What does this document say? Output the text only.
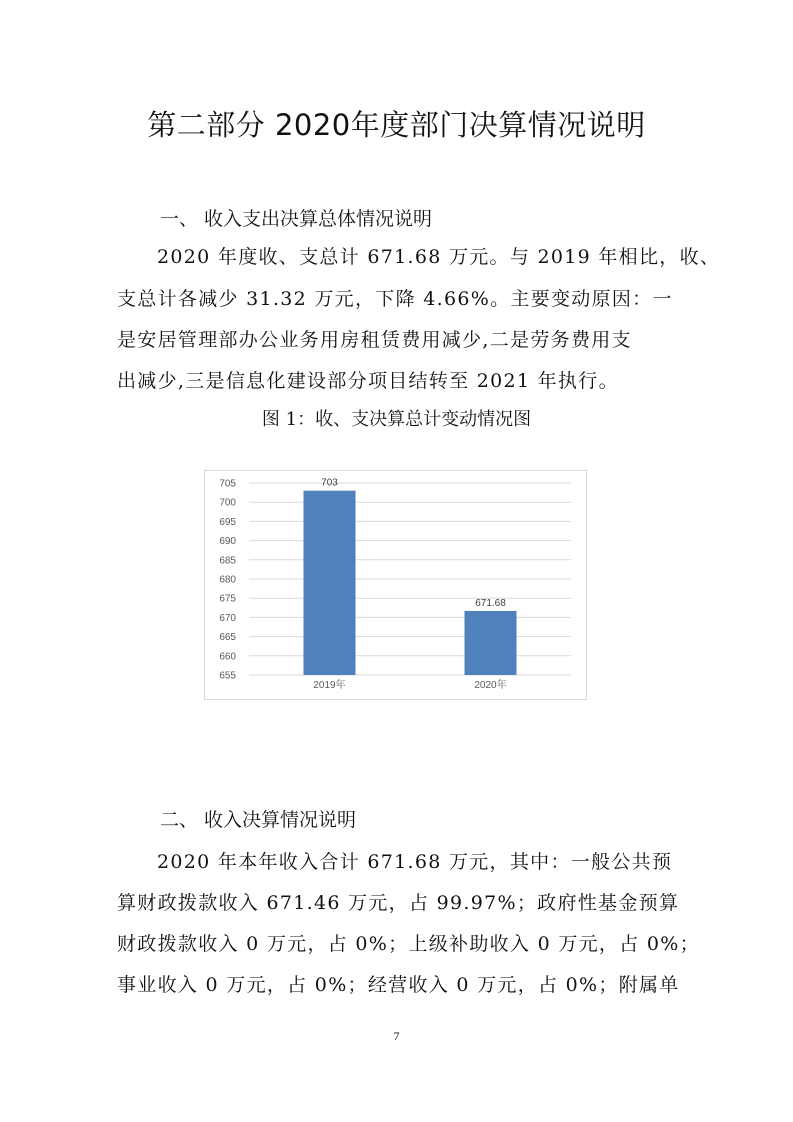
第二部分 2020年度部门决算情况说明
一、 收入支出决算总体情况说明
2020 年度收、支总计 671.68 万元。与 2019 年相比，收、
支总计各减少 31.32 万元，下降 4.66%。主要变动原因：一
是安居管理部办公业务用房租赁费用减少,二是劳务费用支
出减少,三是信息化建设部分项目结转至 2021 年执行。
图 1：收、支决算总计变动情况图
705
700
695
690
685
680
675
670
665
660
655
703
2019年
671.68
2020年
二、 收入决算情况说明
2020 年本年收入合计 671.68 万元，其中：一般公共预
算财政拨款收入 671.46 万元，占 99.97%；政府性基金预算
财政拨款收入 0 万元，占 0%；上级补助收入 0 万元，占 0%；
事业收入 0 万元，占 0%；经营收入 0 万元，占 0%；附属单
7
